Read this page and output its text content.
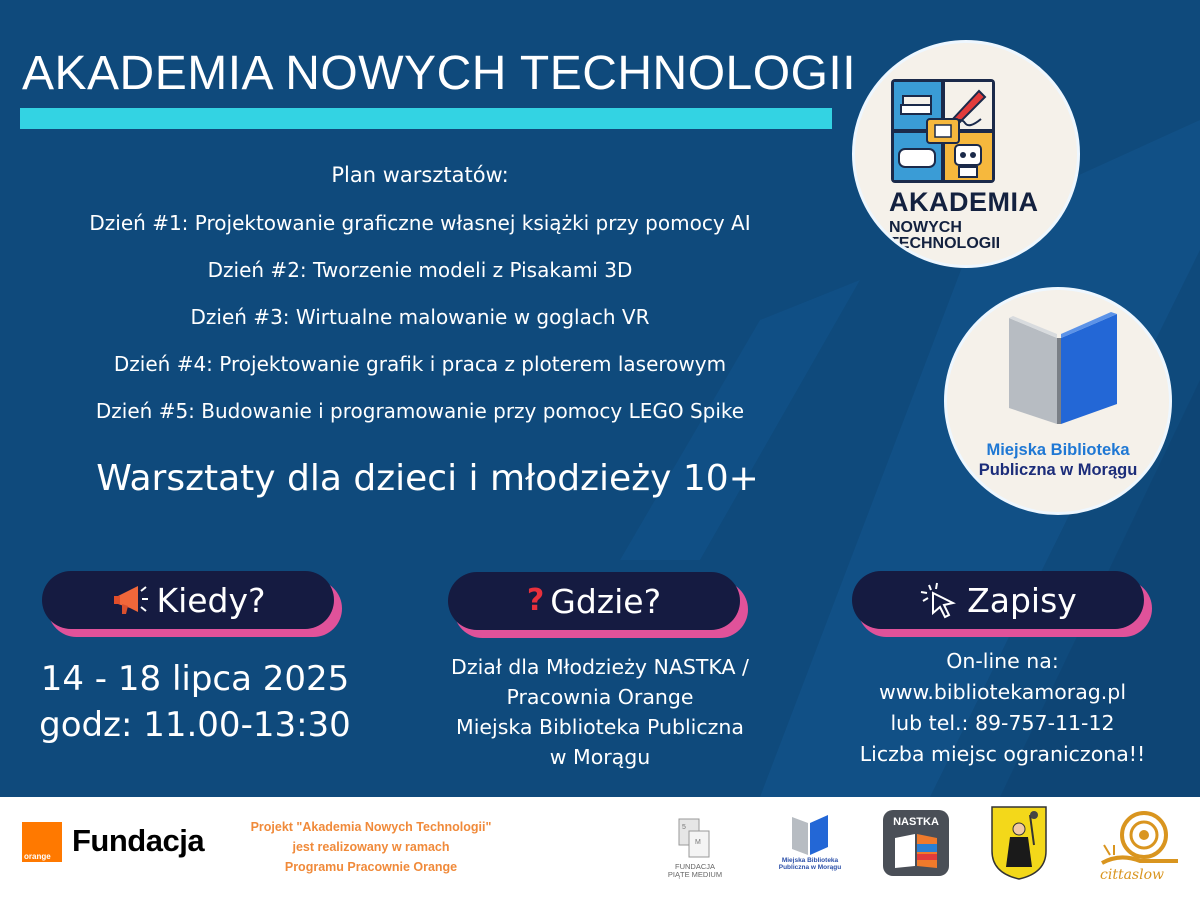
AKADEMIA NOWYCH TECHNOLOGII
Plan warsztatów:
Dzień #1: Projektowanie graficzne własnej książki przy pomocy AI
Dzień #2: Tworzenie modeli z Pisakami 3D
Dzień #3: Wirtualne malowanie w goglach VR
Dzień #4: Projektowanie grafik i praca z ploterem laserowym
Dzień #5: Budowanie i programowanie przy pomocy LEGO Spike
Warsztaty dla dzieci i młodzieży 10+
Kiedy?	? Gdzie?	Zapisy
14 - 18 lipca 2025
godz: 11.00-13:30
Dział dla Młodzieży NASTKA /
Pracownia Orange
Miejska Biblioteka Publiczna
w Morągu
On-line na:
www.bibliotekamorag.pl
lub tel.: 89-757-11-12
Liczba miejsc ograniczona!!
AKADEMIA
NOWYCH
TECHNOLOGII
Miejska Biblioteka
Publiczna w Morągu
orange Fundacja	Projekt "Akademia Nowych Technologii"
jest realizowany w ramach
Programu Pracownie Orange
5
M
FUNDACJA
PIĄTE MEDIUM
Miejska Biblioteka
Publiczna w Morągu
NASTKA
cittaslow
